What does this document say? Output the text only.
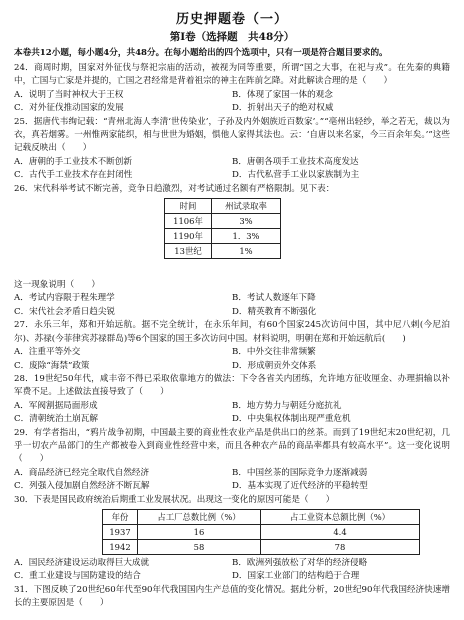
历史押题卷（一）
第Ⅰ卷（选择题　共48分）
本卷共12小题，每小题4分，共48分。在每小题给出的四个选项中，只有一项是符合题目要求的。
24．商周时期，国家对外征伐与祭祀宗庙的活动，被视为同等重要，所谓“国之大事，在祀与戎”。在先秦的典籍中，亡国与亡家是并提的，亡国之君经常是背着祖宗的神主在阵前乞降。对此解读合理的是（　　）
A．说明了当时神权大于王权	B．体现了家国一体的观念
C．对外征伐推动国家的发展	D．折射出天子的绝对权威
25．据唐代韦绚记载：“青州北海人李清‘世传染业’，子孙及内外姻族近百数家’。”“亳州出轻纱，举之若无，裁以为衣，真若烟雾。一州惟两家能织，相与世世为婚姻，惧他人家得其法也。云：‘自唐以来名家，今三百余年矣。’”这些记载反映出（　　）
A．唐朝的手工业技术不断创新	B．唐朝各项手工业技术高度发达
C．古代手工业技术存在封闭性	D．古代私营手工业以家族制为主
26．宋代科举考试不断完善，竞争日趋激烈，对考试通过名额有严格限制。见下表：
时间	州试录取率
1106年	3%
1190年	1．3%
13世纪	1%
这一现象说明（　　）
A．考试内容限于程朱理学	B．考试人数逐年下降
C．宋代社会矛盾日趋尖锐	D．精英教育不断强化
27．永乐三年，郑和开始远航。据不完全统计，在永乐年间，有60个国家245次访问中国，其中尼八剌(今尼泊尔)、苏禄(今菲律宾苏禄群岛)等6个国家的国王多次访问中国。材料说明，明朝在郑和开始远航后(　　)
A．注重平等外交	B．中外交往非常频繁
C．废除“海禁”政策	D．形成朝贡外交体系
28．19世纪50年代，咸丰帝不得已采取依靠地方的做法：下令各省关内团练，允许地方征收厘金、办理捐输以补军费不足。上述做法直接导致了（　　）
A．军阀割据局面形成	B．地方势力与朝廷分庭抗礼
C．清朝统治土崩瓦解	D．中央集权体制出现严重危机
29．有学者指出，“鸦片战争初期，中国最主要的商业性农业产品是供出口的丝茶。而到了19世纪末20世纪初，几乎一切农产品部门的生产都被卷入到商业性经营中来，而且各种农产品的商品率都具有较高水平”。这一变化说明（　　）
A．商品经济已经完全取代自然经济	B．中国丝茶的国际竞争力逐渐减弱
C．列强入侵加剧自然经济不断瓦解	D．基本实现了近代经济的平稳转型
30．下表是国民政府统治后期重工业发展状况。出现这一变化的原因可能是（　　）
年份	占工厂总数比例（%）	占工业资本总额比例（%）
1937	16	4.4
1942	58	78
A．国民经济建设运动取得巨大成就	B．欧洲列强放松了对华的经济侵略
C．重工业建设与国防建设的结合	D．国家工业部门的结构趋于合理
31．下图反映了20世纪60年代至90年代我国国内生产总值的变化情况。据此分析，20世纪90年代我国经济快速增长的主要原因是（　　）
